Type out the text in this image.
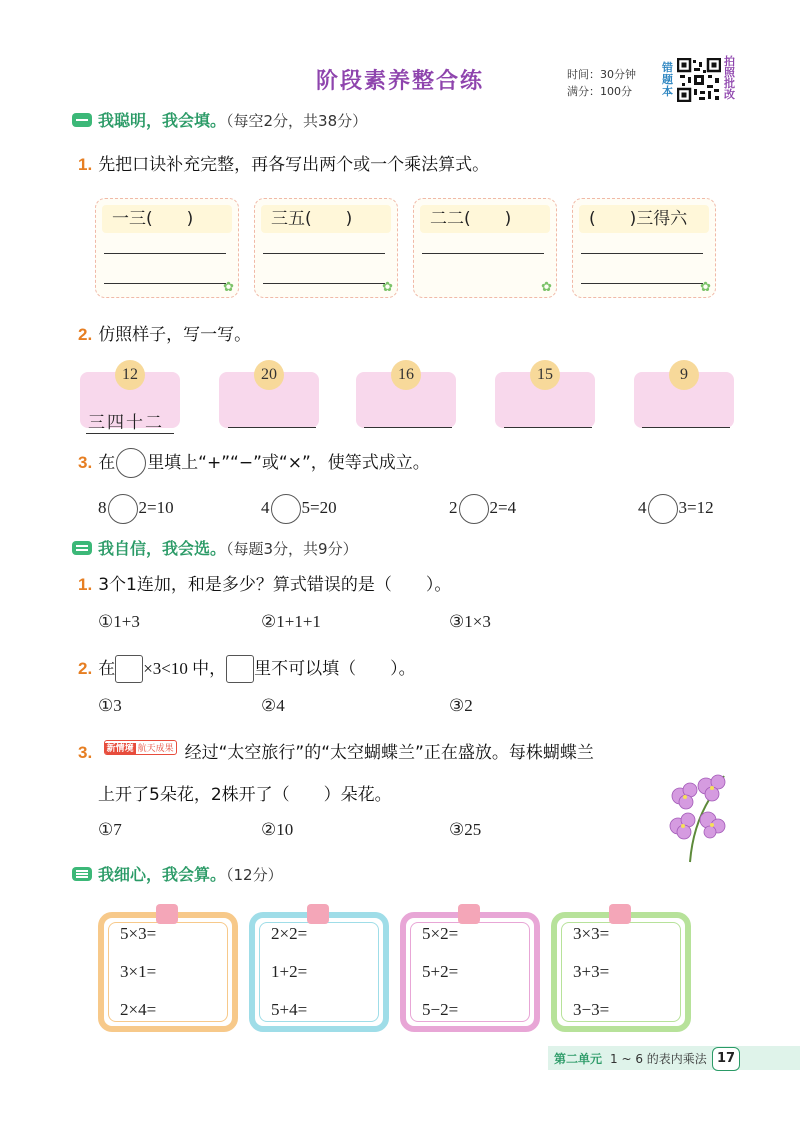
阶段素养整合练	时间：30分钟
满分：100分
错题本
拍照批改
我聪明，我会填。（每空2分，共38分）
1. 先把口诀补充完整，再各写出两个或一个乘法算式。
一三(　　)
✿
三五(　　)
✿
二二(　　)
✿
(　　)三得六
✿
2. 仿照样子，写一写。
12
三四十二
20	16	15	9
3. 在 里填上“+”“−”或“×”，使等式成立。
8 2=10	4 5=20	2 2=4	4 3=12
我自信，我会选。（每题3分，共9分）
1. 3个1连加，和是多少？算式错误的是（　　）。
①1+3	②1+1+1	③1×3
2. 在 ×3<10 中， 里不可以填（　　）。
①3	②4	③2
3. 新情境 航天成果 经过“太空旅行”的“太空蝴蝶兰”正在盛放。每株蝴蝶兰
上开了5朵花，2株开了（　　）朵花。
①7	②10	③25
我细心，我会算。（12分）
5×3=
3×1=
2×4=
2×2=
1+2=
5+4=
5×2=
5+2=
5−2=
3×3=
3+3=
3−3=
第二单元 1 ~ 6 的表内乘法 17
